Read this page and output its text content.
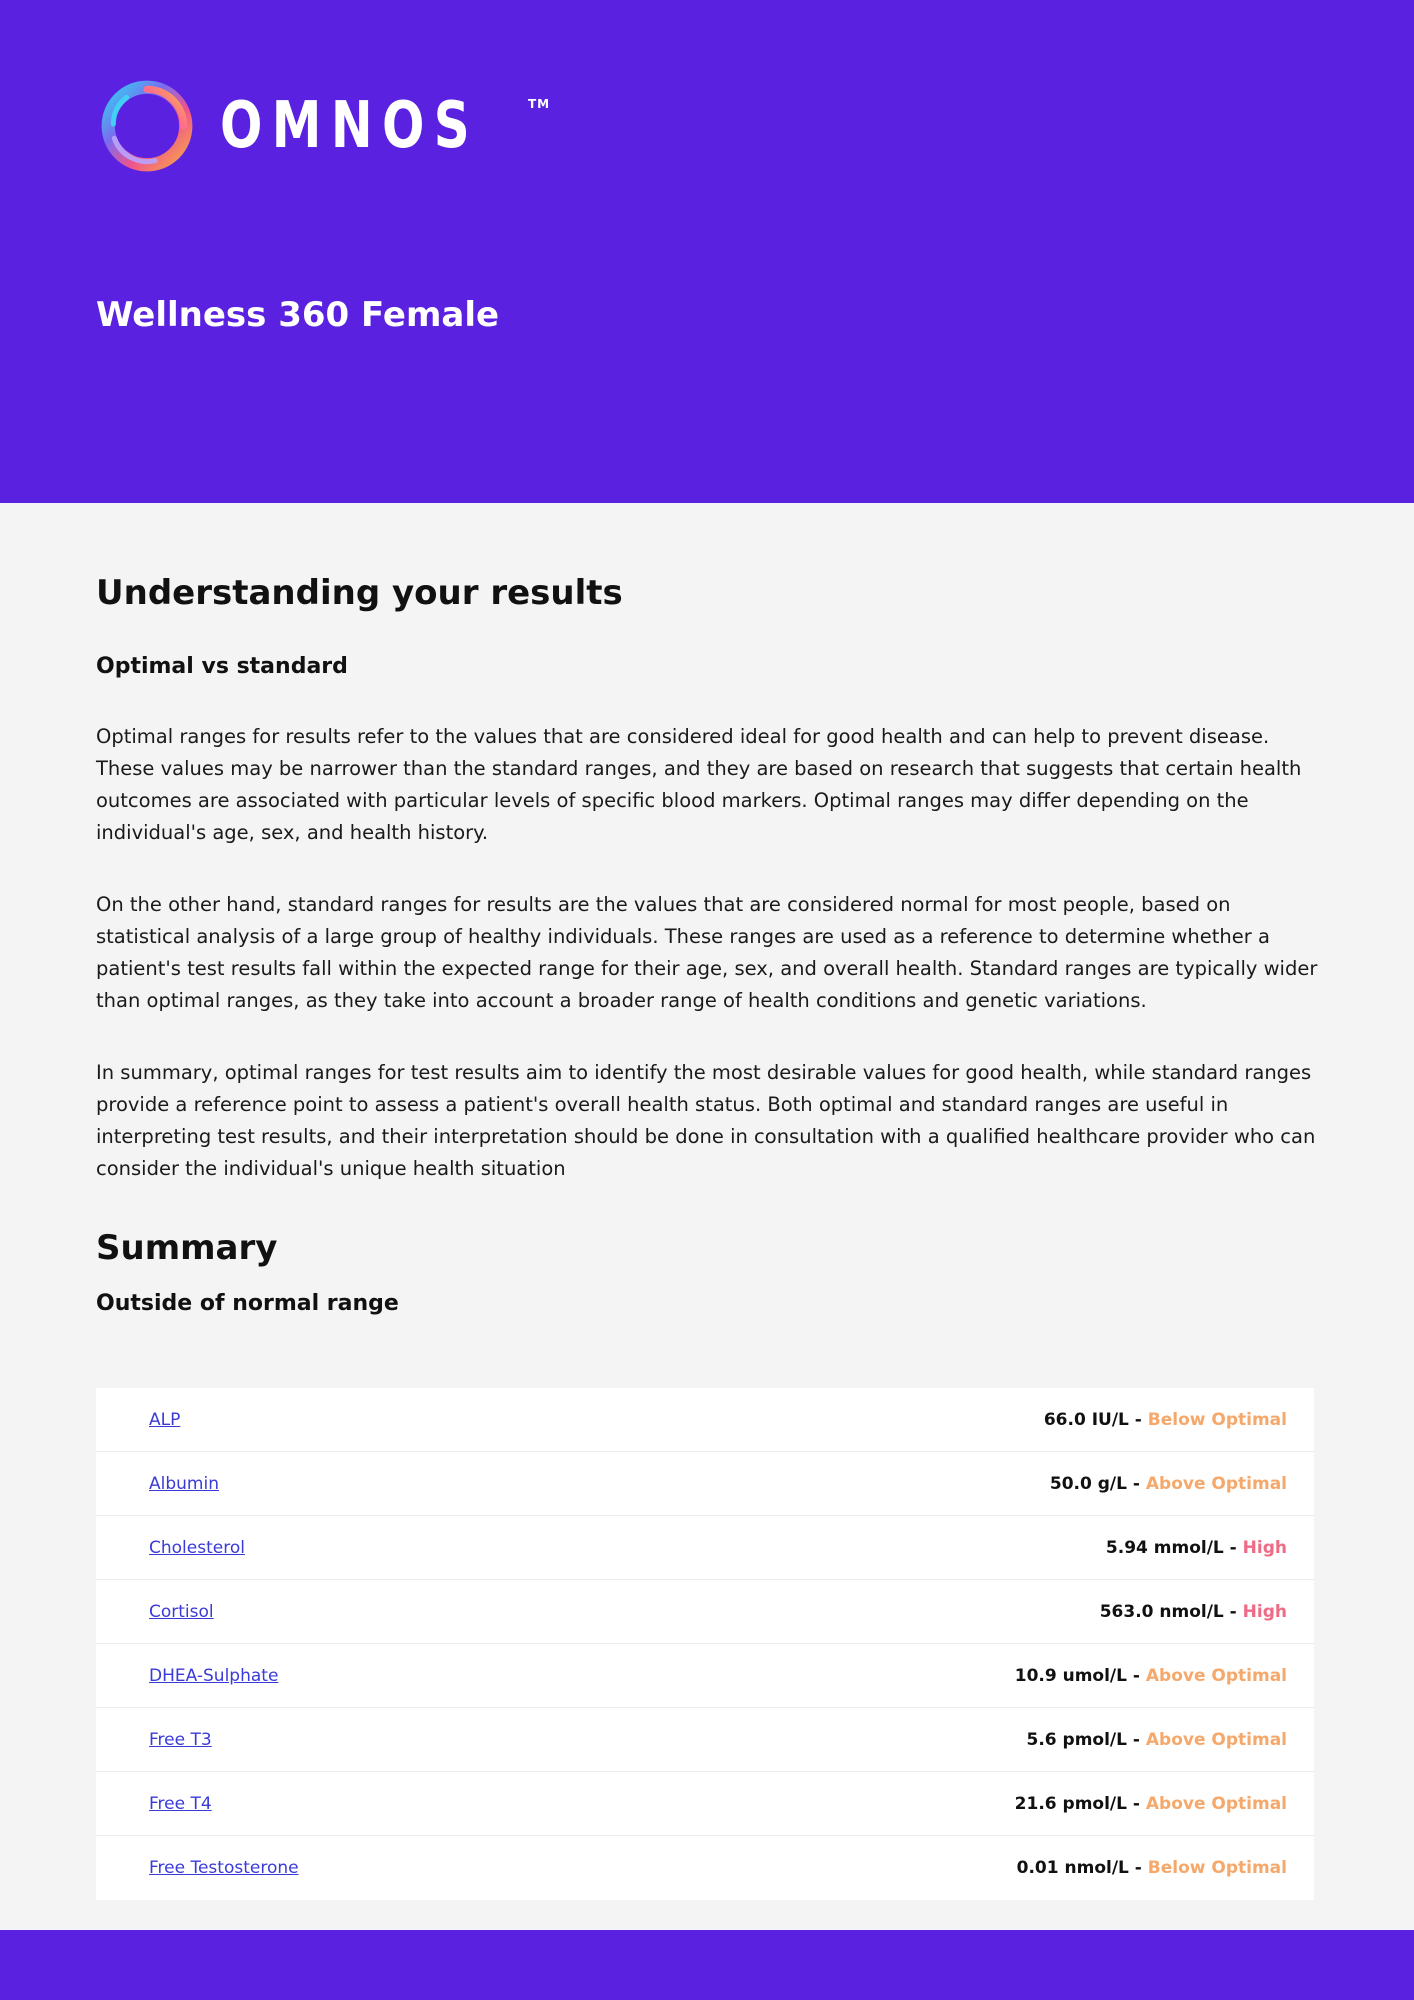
OMNOS	TM
Wellness 360 Female
Understanding your results
Optimal vs standard

Optimal ranges for results refer to the values that are considered ideal for good health and can help to prevent disease. These values may be narrower than the standard ranges, and they are based on research that suggests that certain health outcomes are associated with particular levels of specific blood markers. Optimal ranges may differ depending on the individual's age, sex, and health history.

On the other hand, standard ranges for results are the values that are considered normal for most people, based on statistical analysis of a large group of healthy individuals. These ranges are used as a reference to determine whether a patient's test results fall within the expected range for their age, sex, and overall health. Standard ranges are typically wider than optimal ranges, as they take into account a broader range of health conditions and genetic variations.

In summary, optimal ranges for test results aim to identify the most desirable values for good health, while standard ranges provide a reference point to assess a patient's overall health status. Both optimal and standard ranges are useful in interpreting test results, and their interpretation should be done in consultation with a qualified healthcare provider who can consider the individual's unique health situation

Summary
Outside of normal range
ALP	66.0 IU/L - Below Optimal
Albumin	50.0 g/L - Above Optimal
Cholesterol	5.94 mmol/L - High
Cortisol	563.0 nmol/L - High
DHEA-Sulphate	10.9 umol/L - Above Optimal
Free T3	5.6 pmol/L - Above Optimal
Free T4	21.6 pmol/L - Above Optimal
Free Testosterone	0.01 nmol/L - Below Optimal
